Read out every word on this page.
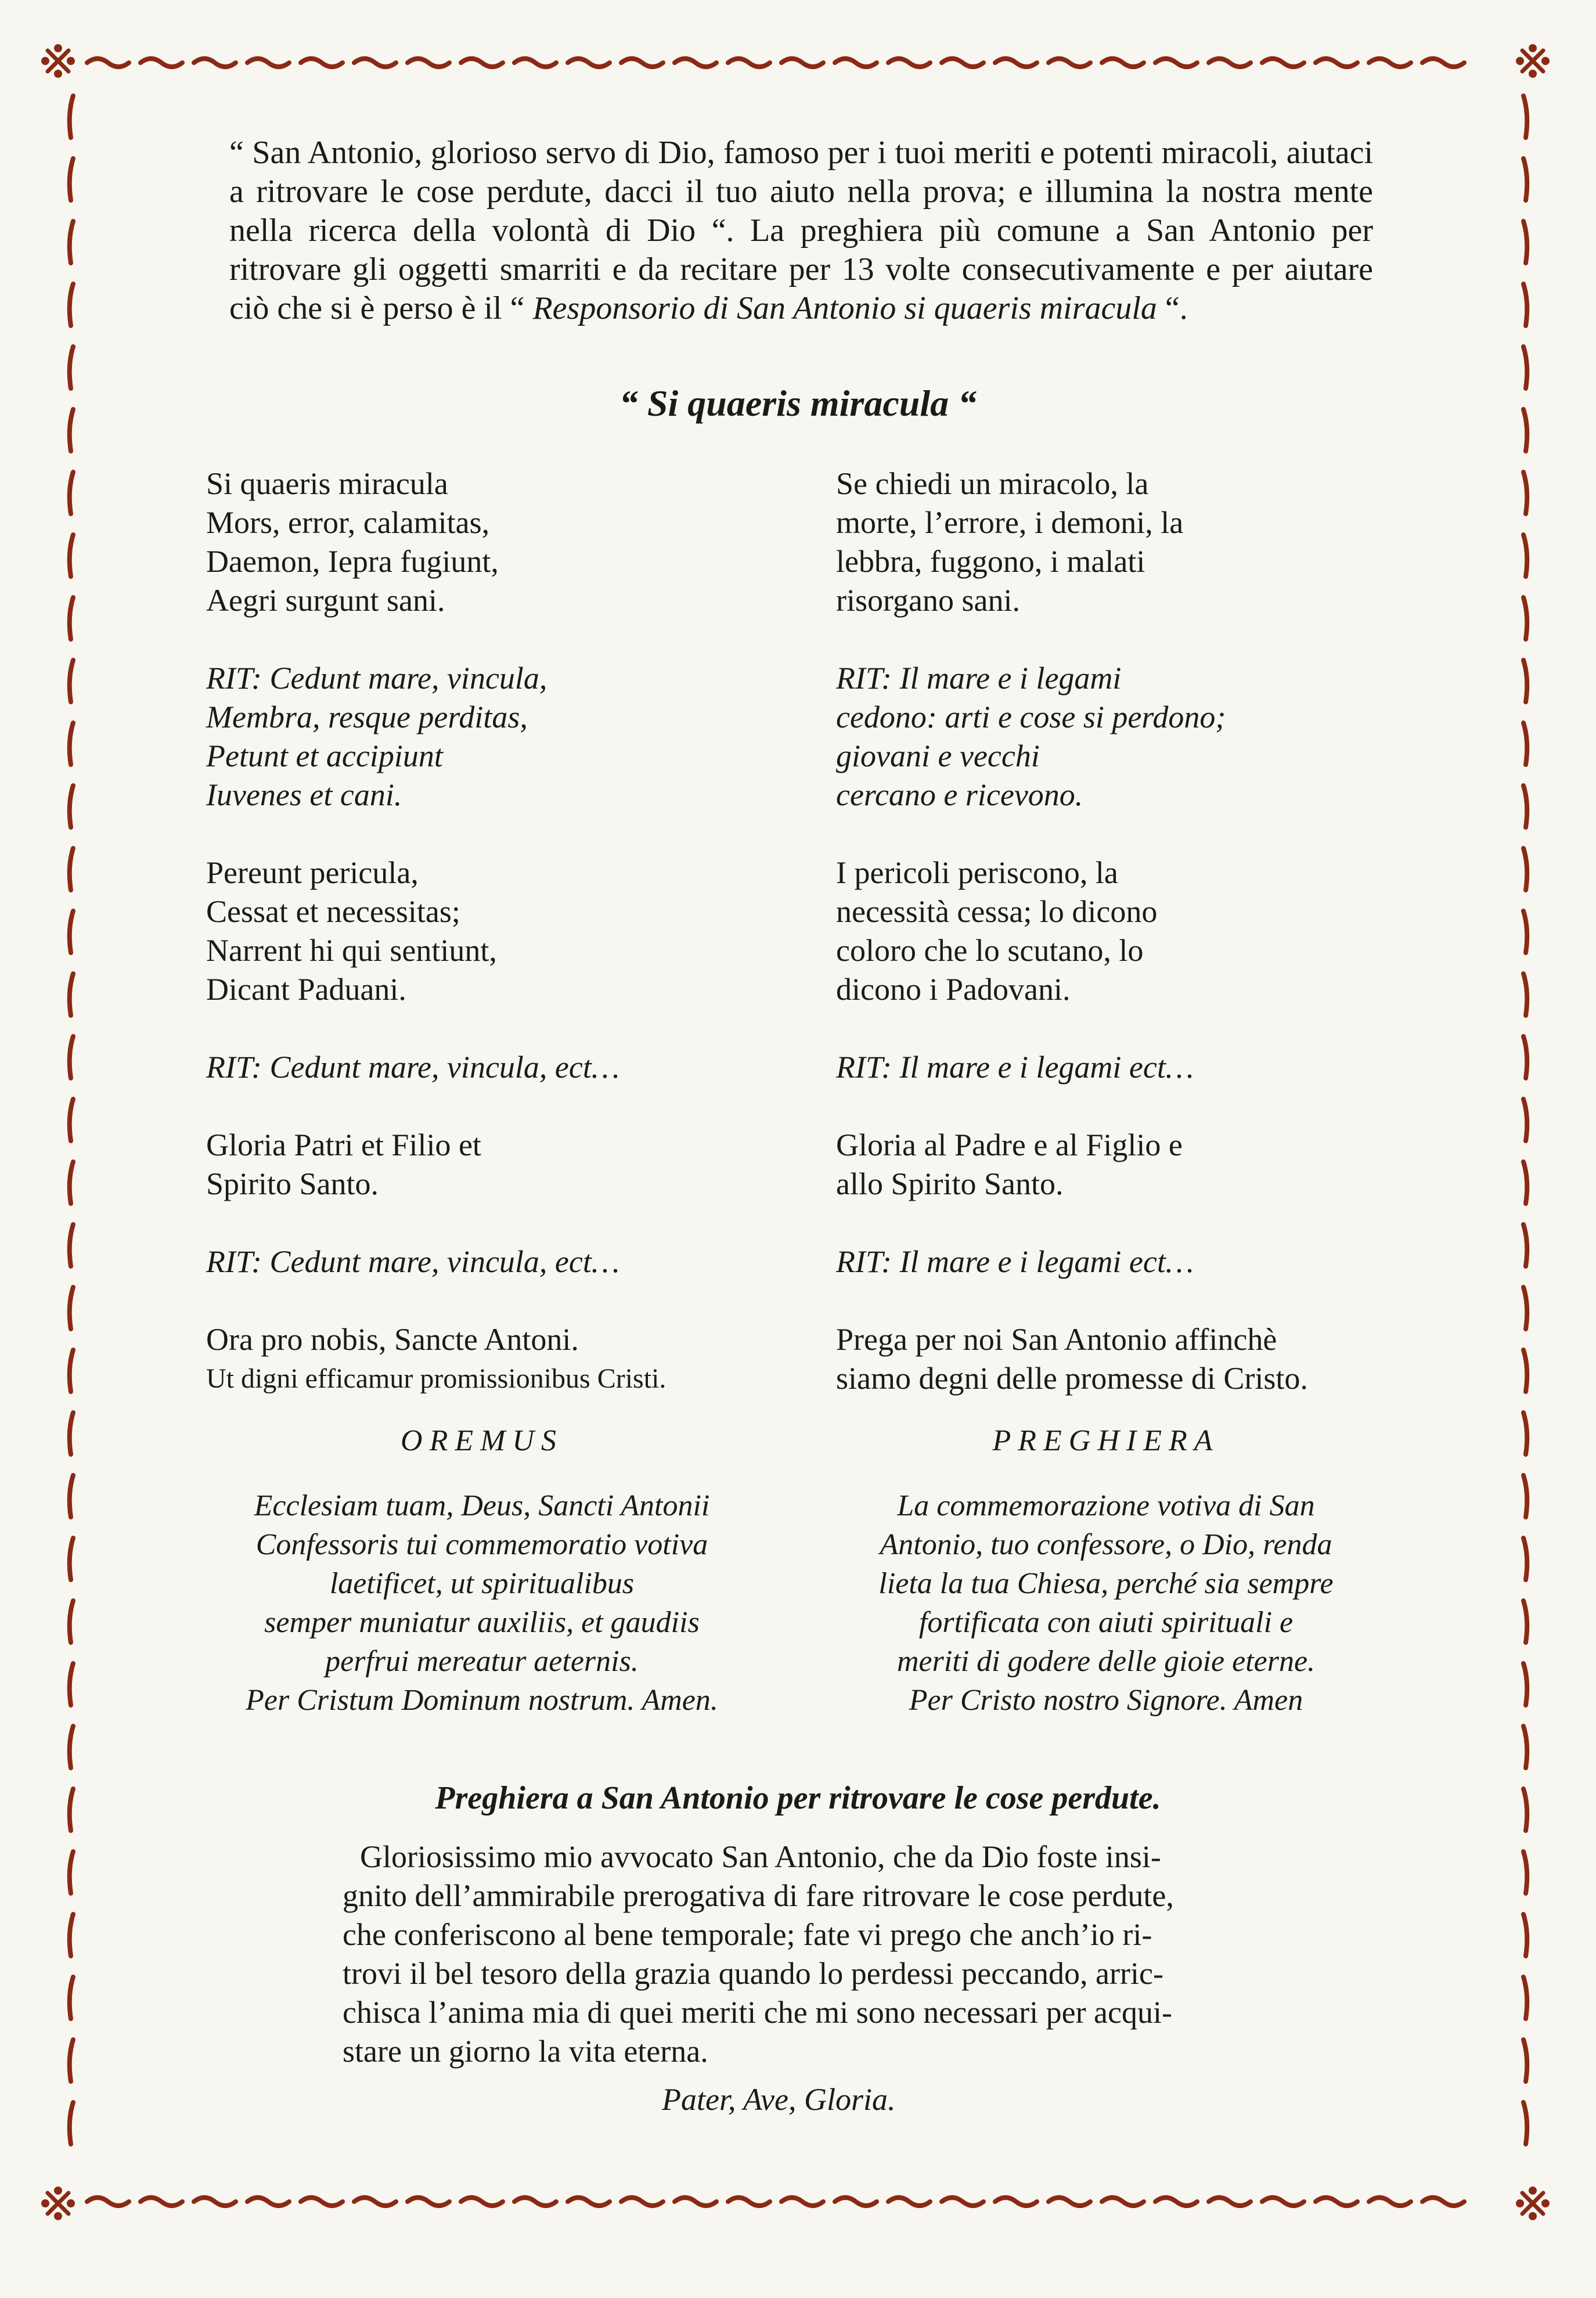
“ San Antonio, glorioso servo di Dio, famoso per i tuoi meriti e potenti miracoli, aiutaci a ritrovare le cose perdute, dacci il tuo aiuto nella prova; e illumina la nostra mente nella ricerca della volontà di Dio “. La preghiera più comune a San Antonio per ritrovare gli oggetti smarriti e da recitare per 13 volte consecutivamente e per aiutare ciò che si è perso è il “ Responsorio di San Antonio si quaeris miracula “.

“ Si quaeris miracula “
Si quaeris miracula
Mors, error, calamitas,
Daemon, Iepra fugiunt,
Aegri surgunt sani.
RIT: Cedunt mare, vincula,
Membra, resque perditas,
Petunt et accipiunt
Iuvenes et cani.
Pereunt pericula,
Cessat et necessitas;
Narrent hi qui sentiunt,
Dicant Paduani.
RIT: Cedunt mare, vincula, ect…
Gloria Patri et Filio et
Spirito Santo.
RIT: Cedunt mare, vincula, ect…
Ora pro nobis, Sancte Antoni.
Ut digni efficamur promissionibus Cristi.
Se chiedi un miracolo, la
morte, l’errore, i demoni, la
lebbra, fuggono, i malati
risorgano sani.
RIT: Il mare e i legami
cedono: arti e cose si perdono;
giovani e vecchi
cercano e ricevono.
I pericoli periscono, la
necessità cessa; lo dicono
coloro che lo scutano, lo
dicono i Padovani.
RIT: Il mare e i legami ect…
Gloria al Padre e al Figlio e
allo Spirito Santo.
RIT: Il mare e i legami ect…
Prega per noi San Antonio affinchè
siamo degni delle promesse di Cristo.
OREMUS	PREGHIERA
Ecclesiam tuam, Deus, Sancti Antonii
Confessoris tui commemoratio votiva
laetificet, ut spiritualibus
semper muniatur auxiliis, et gaudiis
perfrui mereatur aeternis.
Per Cristum Dominum nostrum. Amen.
La commemorazione votiva di San
Antonio, tuo confessore, o Dio, renda
lieta la tua Chiesa, perché sia sempre
fortificata con aiuti spirituali e
meriti di godere delle gioie eterne.
Per Cristo nostro Signore. Amen
Preghiera a San Antonio per ritrovare le cose perdute.
Gloriosissimo mio avvocato San Antonio, che da Dio foste insi-
gnito dell’ammirabile prerogativa di fare ritrovare le cose perdute,
che conferiscono al bene temporale; fate vi prego che anch’io ri-
trovi il bel tesoro della grazia quando lo perdessi peccando, arric-
chisca l’anima mia di quei meriti che mi sono necessari per acqui-
stare un giorno la vita eterna.
Pater, Ave, Gloria.
